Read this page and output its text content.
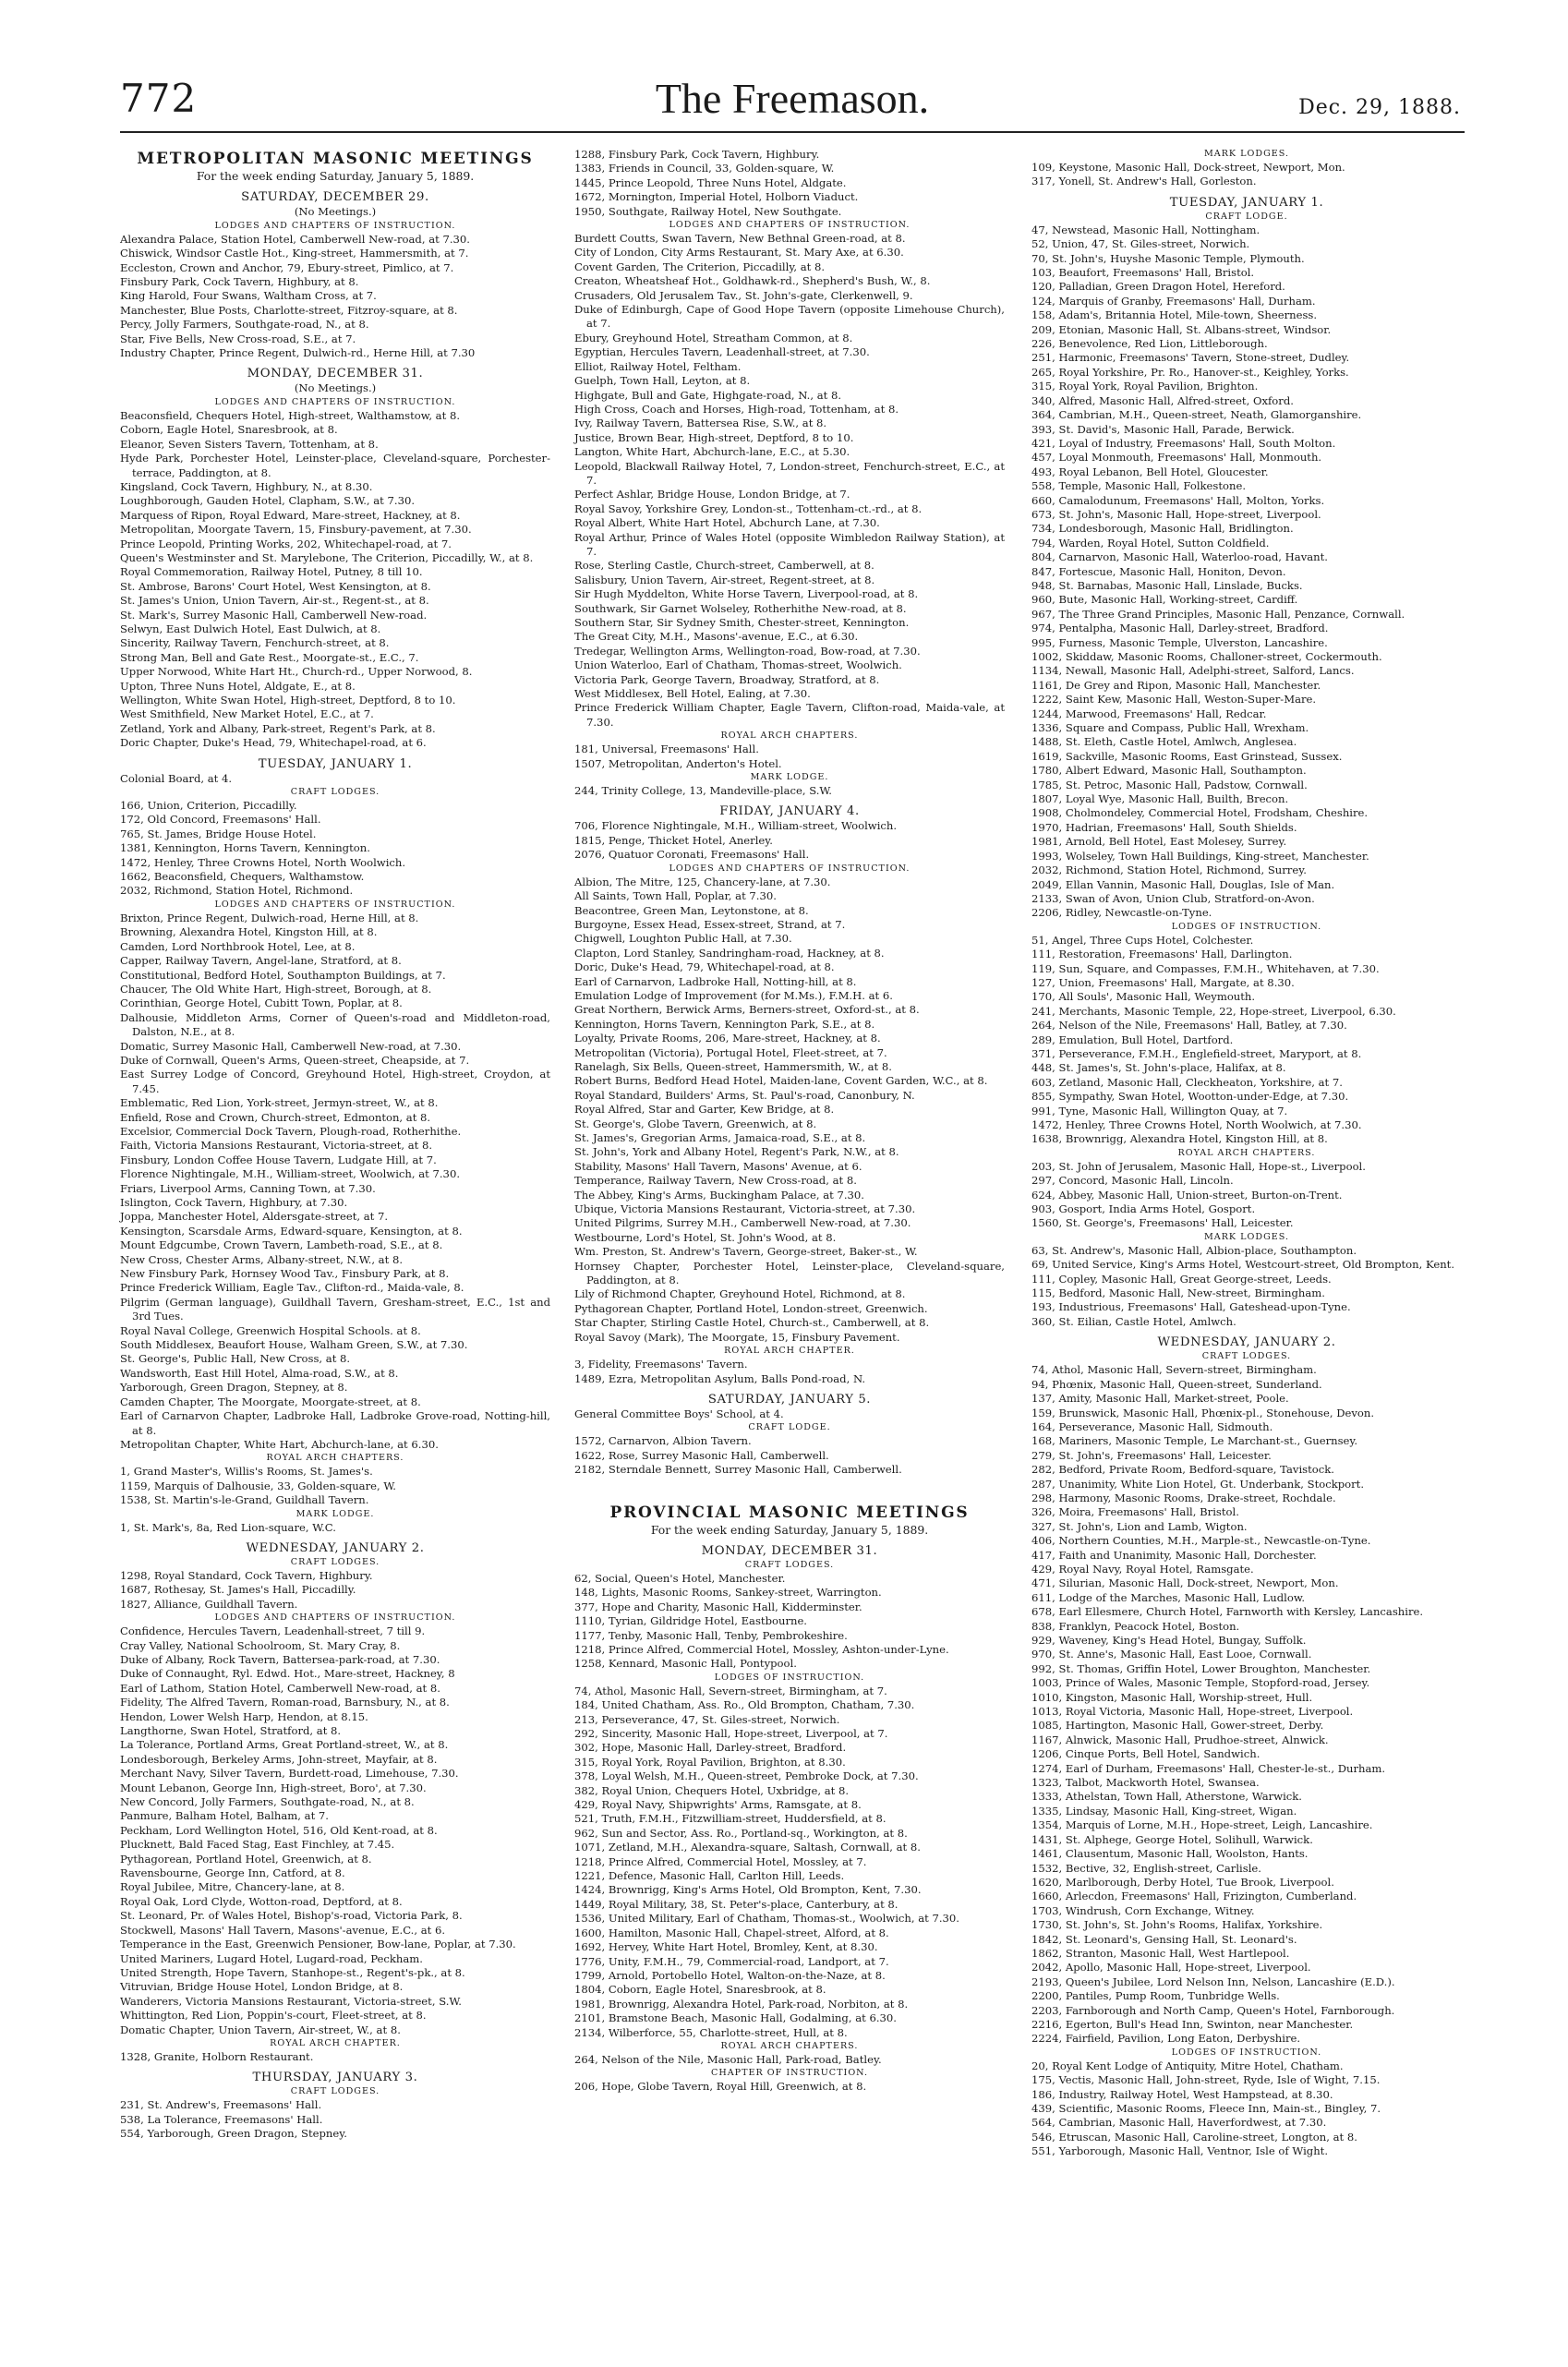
772	The Freemason.	Dec. 29, 1888.
METROPOLITAN MASONIC MEETINGS
For the week ending Saturday, January 5, 1889.
SATURDAY, DECEMBER 29.
(No Meetings.)
LODGES AND CHAPTERS OF INSTRUCTION.
Alexandra Palace, Station Hotel, Camberwell New-road, at 7.30.
Chiswick, Windsor Castle Hot., King-street, Hammersmith, at 7.
Eccleston, Crown and Anchor, 79, Ebury-street, Pimlico, at 7.
Finsbury Park, Cock Tavern, Highbury, at 8.
King Harold, Four Swans, Waltham Cross, at 7.
Manchester, Blue Posts, Charlotte-street, Fitzroy-square, at 8.
Percy, Jolly Farmers, Southgate-road, N., at 8.
Star, Five Bells, New Cross-road, S.E., at 7.
Industry Chapter, Prince Regent, Dulwich-rd., Herne Hill, at 7.30
MONDAY, DECEMBER 31.
(No Meetings.)
LODGES AND CHAPTERS OF INSTRUCTION.
Beaconsfield, Chequers Hotel, High-street, Walthamstow, at 8.
Coborn, Eagle Hotel, Snaresbrook, at 8.
Eleanor, Seven Sisters Tavern, Tottenham, at 8.
Hyde Park, Porchester Hotel, Leinster-place, Cleveland-square, Porchester-terrace, Paddington, at 8.
Kingsland, Cock Tavern, Highbury, N., at 8.30.
Loughborough, Gauden Hotel, Clapham, S.W., at 7.30.
Marquess of Ripon, Royal Edward, Mare-street, Hackney, at 8.
Metropolitan, Moorgate Tavern, 15, Finsbury-pavement, at 7.30.
Prince Leopold, Printing Works, 202, Whitechapel-road, at 7.
Queen's Westminster and St. Marylebone, The Criterion, Piccadilly, W., at 8.
Royal Commemoration, Railway Hotel, Putney, 8 till 10.
St. Ambrose, Barons' Court Hotel, West Kensington, at 8.
St. James's Union, Union Tavern, Air-st., Regent-st., at 8.
St. Mark's, Surrey Masonic Hall, Camberwell New-road.
Selwyn, East Dulwich Hotel, East Dulwich, at 8.
Sincerity, Railway Tavern, Fenchurch-street, at 8.
Strong Man, Bell and Gate Rest., Moorgate-st., E.C., 7.
Upper Norwood, White Hart Ht., Church-rd., Upper Norwood, 8.
Upton, Three Nuns Hotel, Aldgate, E., at 8.
Wellington, White Swan Hotel, High-street, Deptford, 8 to 10.
West Smithfield, New Market Hotel, E.C., at 7.
Zetland, York and Albany, Park-street, Regent's Park, at 8.
Doric Chapter, Duke's Head, 79, Whitechapel-road, at 6.
TUESDAY, JANUARY 1.
Colonial Board, at 4.
CRAFT LODGES.
166, Union, Criterion, Piccadilly.
172, Old Concord, Freemasons' Hall.
765, St. James, Bridge House Hotel.
1381, Kennington, Horns Tavern, Kennington.
1472, Henley, Three Crowns Hotel, North Woolwich.
1662, Beaconsfield, Chequers, Walthamstow.
2032, Richmond, Station Hotel, Richmond.
LODGES AND CHAPTERS OF INSTRUCTION.
Brixton, Prince Regent, Dulwich-road, Herne Hill, at 8.
Browning, Alexandra Hotel, Kingston Hill, at 8.
Camden, Lord Northbrook Hotel, Lee, at 8.
Capper, Railway Tavern, Angel-lane, Stratford, at 8.
Constitutional, Bedford Hotel, Southampton Buildings, at 7.
Chaucer, The Old White Hart, High-street, Borough, at 8.
Corinthian, George Hotel, Cubitt Town, Poplar, at 8.
Dalhousie, Middleton Arms, Corner of Queen's-road and Middleton-road, Dalston, N.E., at 8.
Domatic, Surrey Masonic Hall, Camberwell New-road, at 7.30.
Duke of Cornwall, Queen's Arms, Queen-street, Cheapside, at 7.
East Surrey Lodge of Concord, Greyhound Hotel, High-street, Croydon, at 7.45.
Emblematic, Red Lion, York-street, Jermyn-street, W., at 8.
Enfield, Rose and Crown, Church-street, Edmonton, at 8.
Excelsior, Commercial Dock Tavern, Plough-road, Rotherhithe.
Faith, Victoria Mansions Restaurant, Victoria-street, at 8.
Finsbury, London Coffee House Tavern, Ludgate Hill, at 7.
Florence Nightingale, M.H., William-street, Woolwich, at 7.30.
Friars, Liverpool Arms, Canning Town, at 7.30.
Islington, Cock Tavern, Highbury, at 7.30.
Joppa, Manchester Hotel, Aldersgate-street, at 7.
Kensington, Scarsdale Arms, Edward-square, Kensington, at 8.
Mount Edgcumbe, Crown Tavern, Lambeth-road, S.E., at 8.
New Cross, Chester Arms, Albany-street, N.W., at 8.
New Finsbury Park, Hornsey Wood Tav., Finsbury Park, at 8.
Prince Frederick William, Eagle Tav., Clifton-rd., Maida-vale, 8.
Pilgrim (German language), Guildhall Tavern, Gresham-street, E.C., 1st and 3rd Tues.
Royal Naval College, Greenwich Hospital Schools. at 8.
South Middlesex, Beaufort House, Walham Green, S.W., at 7.30.
St. George's, Public Hall, New Cross, at 8.
Wandsworth, East Hill Hotel, Alma-road, S.W., at 8.
Yarborough, Green Dragon, Stepney, at 8.
Camden Chapter, The Moorgate, Moorgate-street, at 8.
Earl of Carnarvon Chapter, Ladbroke Hall, Ladbroke Grove-road, Notting-hill, at 8.
Metropolitan Chapter, White Hart, Abchurch-lane, at 6.30.
ROYAL ARCH CHAPTERS.
1, Grand Master's, Willis's Rooms, St. James's.
1159, Marquis of Dalhousie, 33, Golden-square, W.
1538, St. Martin's-le-Grand, Guildhall Tavern.
MARK LODGE.
1, St. Mark's, 8a, Red Lion-square, W.C.
WEDNESDAY, JANUARY 2.
CRAFT LODGES.
1298, Royal Standard, Cock Tavern, Highbury.
1687, Rothesay, St. James's Hall, Piccadilly.
1827, Alliance, Guildhall Tavern.
LODGES AND CHAPTERS OF INSTRUCTION.
Confidence, Hercules Tavern, Leadenhall-street, 7 till 9.
Cray Valley, National Schoolroom, St. Mary Cray, 8.
Duke of Albany, Rock Tavern, Battersea-park-road, at 7.30.
Duke of Connaught, Ryl. Edwd. Hot., Mare-street, Hackney, 8
Earl of Lathom, Station Hotel, Camberwell New-road, at 8.
Fidelity, The Alfred Tavern, Roman-road, Barnsbury, N., at 8.
Hendon, Lower Welsh Harp, Hendon, at 8.15.
Langthorne, Swan Hotel, Stratford, at 8.
La Tolerance, Portland Arms, Great Portland-street, W., at 8.
Londesborough, Berkeley Arms, John-street, Mayfair, at 8.
Merchant Navy, Silver Tavern, Burdett-road, Limehouse, 7.30.
Mount Lebanon, George Inn, High-street, Boro', at 7.30.
New Concord, Jolly Farmers, Southgate-road, N., at 8.
Panmure, Balham Hotel, Balham, at 7.
Peckham, Lord Wellington Hotel, 516, Old Kent-road, at 8.
Plucknett, Bald Faced Stag, East Finchley, at 7.45.
Pythagorean, Portland Hotel, Greenwich, at 8.
Ravensbourne, George Inn, Catford, at 8.
Royal Jubilee, Mitre, Chancery-lane, at 8.
Royal Oak, Lord Clyde, Wotton-road, Deptford, at 8.
St. Leonard, Pr. of Wales Hotel, Bishop's-road, Victoria Park, 8.
Stockwell, Masons' Hall Tavern, Masons'-avenue, E.C., at 6.
Temperance in the East, Greenwich Pensioner, Bow-lane, Poplar, at 7.30.
United Mariners, Lugard Hotel, Lugard-road, Peckham.
United Strength, Hope Tavern, Stanhope-st., Regent's-pk., at 8.
Vitruvian, Bridge House Hotel, London Bridge, at 8.
Wanderers, Victoria Mansions Restaurant, Victoria-street, S.W.
Whittington, Red Lion, Poppin's-court, Fleet-street, at 8.
Domatic Chapter, Union Tavern, Air-street, W., at 8.
ROYAL ARCH CHAPTER.
1328, Granite, Holborn Restaurant.
THURSDAY, JANUARY 3.
CRAFT LODGES.
231, St. Andrew's, Freemasons' Hall.
538, La Tolerance, Freemasons' Hall.
554, Yarborough, Green Dragon, Stepney.
1288, Finsbury Park, Cock Tavern, Highbury.
1383, Friends in Council, 33, Golden-square, W.
1445, Prince Leopold, Three Nuns Hotel, Aldgate.
1672, Mornington, Imperial Hotel, Holborn Viaduct.
1950, Southgate, Railway Hotel, New Southgate.
LODGES AND CHAPTERS OF INSTRUCTION.
Burdett Coutts, Swan Tavern, New Bethnal Green-road, at 8.
City of London, City Arms Restaurant, St. Mary Axe, at 6.30.
Covent Garden, The Criterion, Piccadilly, at 8.
Creaton, Wheatsheaf Hot., Goldhawk-rd., Shepherd's Bush, W., 8.
Crusaders, Old Jerusalem Tav., St. John's-gate, Clerkenwell, 9.
Duke of Edinburgh, Cape of Good Hope Tavern (opposite Limehouse Church), at 7.
Ebury, Greyhound Hotel, Streatham Common, at 8.
Egyptian, Hercules Tavern, Leadenhall-street, at 7.30.
Elliot, Railway Hotel, Feltham.
Guelph, Town Hall, Leyton, at 8.
Highgate, Bull and Gate, Highgate-road, N., at 8.
High Cross, Coach and Horses, High-road, Tottenham, at 8.
Ivy, Railway Tavern, Battersea Rise, S.W., at 8.
Justice, Brown Bear, High-street, Deptford, 8 to 10.
Langton, White Hart, Abchurch-lane, E.C., at 5.30.
Leopold, Blackwall Railway Hotel, 7, London-street, Fenchurch-street, E.C., at 7.
Perfect Ashlar, Bridge House, London Bridge, at 7.
Royal Savoy, Yorkshire Grey, London-st., Tottenham-ct.-rd., at 8.
Royal Albert, White Hart Hotel, Abchurch Lane, at 7.30.
Royal Arthur, Prince of Wales Hotel (opposite Wimbledon Railway Station), at 7.
Rose, Sterling Castle, Church-street, Camberwell, at 8.
Salisbury, Union Tavern, Air-street, Regent-street, at 8.
Sir Hugh Myddelton, White Horse Tavern, Liverpool-road, at 8.
Southwark, Sir Garnet Wolseley, Rotherhithe New-road, at 8.
Southern Star, Sir Sydney Smith, Chester-street, Kennington.
The Great City, M.H., Masons'-avenue, E.C., at 6.30.
Tredegar, Wellington Arms, Wellington-road, Bow-road, at 7.30.
Union Waterloo, Earl of Chatham, Thomas-street, Woolwich.
Victoria Park, George Tavern, Broadway, Stratford, at 8.
West Middlesex, Bell Hotel, Ealing, at 7.30.
Prince Frederick William Chapter, Eagle Tavern, Clifton-road, Maida-vale, at 7.30.
ROYAL ARCH CHAPTERS.
181, Universal, Freemasons' Hall.
1507, Metropolitan, Anderton's Hotel.
MARK LODGE.
244, Trinity College, 13, Mandeville-place, S.W.
FRIDAY, JANUARY 4.
706, Florence Nightingale, M.H., William-street, Woolwich.
1815, Penge, Thicket Hotel, Anerley.
2076, Quatuor Coronati, Freemasons' Hall.
LODGES AND CHAPTERS OF INSTRUCTION.
Albion, The Mitre, 125, Chancery-lane, at 7.30.
All Saints, Town Hall, Poplar, at 7.30.
Beacontree, Green Man, Leytonstone, at 8.
Burgoyne, Essex Head, Essex-street, Strand, at 7.
Chigwell, Loughton Public Hall, at 7.30.
Clapton, Lord Stanley, Sandringham-road, Hackney, at 8.
Doric, Duke's Head, 79, Whitechapel-road, at 8.
Earl of Carnarvon, Ladbroke Hall, Notting-hill, at 8.
Emulation Lodge of Improvement (for M.Ms.), F.M.H. at 6.
Great Northern, Berwick Arms, Berners-street, Oxford-st., at 8.
Kennington, Horns Tavern, Kennington Park, S.E., at 8.
Loyalty, Private Rooms, 206, Mare-street, Hackney, at 8.
Metropolitan (Victoria), Portugal Hotel, Fleet-street, at 7.
Ranelagh, Six Bells, Queen-street, Hammersmith, W., at 8.
Robert Burns, Bedford Head Hotel, Maiden-lane, Covent Garden, W.C., at 8.
Royal Standard, Builders' Arms, St. Paul's-road, Canonbury, N.
Royal Alfred, Star and Garter, Kew Bridge, at 8.
St. George's, Globe Tavern, Greenwich, at 8.
St. James's, Gregorian Arms, Jamaica-road, S.E., at 8.
St. John's, York and Albany Hotel, Regent's Park, N.W., at 8.
Stability, Masons' Hall Tavern, Masons' Avenue, at 6.
Temperance, Railway Tavern, New Cross-road, at 8.
The Abbey, King's Arms, Buckingham Palace, at 7.30.
Ubique, Victoria Mansions Restaurant, Victoria-street, at 7.30.
United Pilgrims, Surrey M.H., Camberwell New-road, at 7.30.
Westbourne, Lord's Hotel, St. John's Wood, at 8.
Wm. Preston, St. Andrew's Tavern, George-street, Baker-st., W.
Hornsey Chapter, Porchester Hotel, Leinster-place, Cleveland-square, Paddington, at 8.
Lily of Richmond Chapter, Greyhound Hotel, Richmond, at 8.
Pythagorean Chapter, Portland Hotel, London-street, Greenwich.
Star Chapter, Stirling Castle Hotel, Church-st., Camberwell, at 8.
Royal Savoy (Mark), The Moorgate, 15, Finsbury Pavement.
ROYAL ARCH CHAPTER.
3, Fidelity, Freemasons' Tavern.
1489, Ezra, Metropolitan Asylum, Balls Pond-road, N.
SATURDAY, JANUARY 5.
General Committee Boys' School, at 4.
CRAFT LODGE.
1572, Carnarvon, Albion Tavern.
1622, Rose, Surrey Masonic Hall, Camberwell.
2182, Sterndale Bennett, Surrey Masonic Hall, Camberwell.
PROVINCIAL MASONIC MEETINGS
For the week ending Saturday, January 5, 1889.
MONDAY, DECEMBER 31.
CRAFT LODGES.
62, Social, Queen's Hotel, Manchester.
148, Lights, Masonic Rooms, Sankey-street, Warrington.
377, Hope and Charity, Masonic Hall, Kidderminster.
1110, Tyrian, Gildridge Hotel, Eastbourne.
1177, Tenby, Masonic Hall, Tenby, Pembrokeshire.
1218, Prince Alfred, Commercial Hotel, Mossley, Ashton-under-Lyne.
1258, Kennard, Masonic Hall, Pontypool.
LODGES OF INSTRUCTION.
74, Athol, Masonic Hall, Severn-street, Birmingham, at 7.
184, United Chatham, Ass. Ro., Old Brompton, Chatham, 7.30.
213, Perseverance, 47, St. Giles-street, Norwich.
292, Sincerity, Masonic Hall, Hope-street, Liverpool, at 7.
302, Hope, Masonic Hall, Darley-street, Bradford.
315, Royal York, Royal Pavilion, Brighton, at 8.30.
378, Loyal Welsh, M.H., Queen-street, Pembroke Dock, at 7.30.
382, Royal Union, Chequers Hotel, Uxbridge, at 8.
429, Royal Navy, Shipwrights' Arms, Ramsgate, at 8.
521, Truth, F.M.H., Fitzwilliam-street, Huddersfield, at 8.
962, Sun and Sector, Ass. Ro., Portland-sq., Workington, at 8.
1071, Zetland, M.H., Alexandra-square, Saltash, Cornwall, at 8.
1218, Prince Alfred, Commercial Hotel, Mossley, at 7.
1221, Defence, Masonic Hall, Carlton Hill, Leeds.
1424, Brownrigg, King's Arms Hotel, Old Brompton, Kent, 7.30.
1449, Royal Military, 38, St. Peter's-place, Canterbury, at 8.
1536, United Military, Earl of Chatham, Thomas-st., Woolwich, at 7.30.
1600, Hamilton, Masonic Hall, Chapel-street, Alford, at 8.
1692, Hervey, White Hart Hotel, Bromley, Kent, at 8.30.
1776, Unity, F.M.H., 79, Commercial-road, Landport, at 7.
1799, Arnold, Portobello Hotel, Walton-on-the-Naze, at 8.
1804, Coborn, Eagle Hotel, Snaresbrook, at 8.
1981, Brownrigg, Alexandra Hotel, Park-road, Norbiton, at 8.
2101, Bramstone Beach, Masonic Hall, Godalming, at 6.30.
2134, Wilberforce, 55, Charlotte-street, Hull, at 8.
ROYAL ARCH CHAPTERS.
264, Nelson of the Nile, Masonic Hall, Park-road, Batley.
CHAPTER OF INSTRUCTION.
206, Hope, Globe Tavern, Royal Hill, Greenwich, at 8.
MARK LODGES.
109, Keystone, Masonic Hall, Dock-street, Newport, Mon.
317, Yonell, St. Andrew's Hall, Gorleston.
TUESDAY, JANUARY 1.
CRAFT LODGE.
47, Newstead, Masonic Hall, Nottingham.
52, Union, 47, St. Giles-street, Norwich.
70, St. John's, Huyshe Masonic Temple, Plymouth.
103, Beaufort, Freemasons' Hall, Bristol.
120, Palladian, Green Dragon Hotel, Hereford.
124, Marquis of Granby, Freemasons' Hall, Durham.
158, Adam's, Britannia Hotel, Mile-town, Sheerness.
209, Etonian, Masonic Hall, St. Albans-street, Windsor.
226, Benevolence, Red Lion, Littleborough.
251, Harmonic, Freemasons' Tavern, Stone-street, Dudley.
265, Royal Yorkshire, Pr. Ro., Hanover-st., Keighley, Yorks.
315, Royal York, Royal Pavilion, Brighton.
340, Alfred, Masonic Hall, Alfred-street, Oxford.
364, Cambrian, M.H., Queen-street, Neath, Glamorganshire.
393, St. David's, Masonic Hall, Parade, Berwick.
421, Loyal of Industry, Freemasons' Hall, South Molton.
457, Loyal Monmouth, Freemasons' Hall, Monmouth.
493, Royal Lebanon, Bell Hotel, Gloucester.
558, Temple, Masonic Hall, Folkestone.
660, Camalodunum, Freemasons' Hall, Molton, Yorks.
673, St. John's, Masonic Hall, Hope-street, Liverpool.
734, Londesborough, Masonic Hall, Bridlington.
794, Warden, Royal Hotel, Sutton Coldfield.
804, Carnarvon, Masonic Hall, Waterloo-road, Havant.
847, Fortescue, Masonic Hall, Honiton, Devon.
948, St. Barnabas, Masonic Hall, Linslade, Bucks.
960, Bute, Masonic Hall, Working-street, Cardiff.
967, The Three Grand Principles, Masonic Hall, Penzance, Cornwall.
974, Pentalpha, Masonic Hall, Darley-street, Bradford.
995, Furness, Masonic Temple, Ulverston, Lancashire.
1002, Skiddaw, Masonic Rooms, Challoner-street, Cockermouth.
1134, Newall, Masonic Hall, Adelphi-street, Salford, Lancs.
1161, De Grey and Ripon, Masonic Hall, Manchester.
1222, Saint Kew, Masonic Hall, Weston-Super-Mare.
1244, Marwood, Freemasons' Hall, Redcar.
1336, Square and Compass, Public Hall, Wrexham.
1488, St. Eleth, Castle Hotel, Amlwch, Anglesea.
1619, Sackville, Masonic Rooms, East Grinstead, Sussex.
1780, Albert Edward, Masonic Hall, Southampton.
1785, St. Petroc, Masonic Hall, Padstow, Cornwall.
1807, Loyal Wye, Masonic Hall, Builth, Brecon.
1908, Cholmondeley, Commercial Hotel, Frodsham, Cheshire.
1970, Hadrian, Freemasons' Hall, South Shields.
1981, Arnold, Bell Hotel, East Molesey, Surrey.
1993, Wolseley, Town Hall Buildings, King-street, Manchester.
2032, Richmond, Station Hotel, Richmond, Surrey.
2049, Ellan Vannin, Masonic Hall, Douglas, Isle of Man.
2133, Swan of Avon, Union Club, Stratford-on-Avon.
2206, Ridley, Newcastle-on-Tyne.
LODGES OF INSTRUCTION.
51, Angel, Three Cups Hotel, Colchester.
111, Restoration, Freemasons' Hall, Darlington.
119, Sun, Square, and Compasses, F.M.H., Whitehaven, at 7.30.
127, Union, Freemasons' Hall, Margate, at 8.30.
170, All Souls', Masonic Hall, Weymouth.
241, Merchants, Masonic Temple, 22, Hope-street, Liverpool, 6.30.
264, Nelson of the Nile, Freemasons' Hall, Batley, at 7.30.
289, Emulation, Bull Hotel, Dartford.
371, Perseverance, F.M.H., Englefield-street, Maryport, at 8.
448, St. James's, St. John's-place, Halifax, at 8.
603, Zetland, Masonic Hall, Cleckheaton, Yorkshire, at 7.
855, Sympathy, Swan Hotel, Wootton-under-Edge, at 7.30.
991, Tyne, Masonic Hall, Willington Quay, at 7.
1472, Henley, Three Crowns Hotel, North Woolwich, at 7.30.
1638, Brownrigg, Alexandra Hotel, Kingston Hill, at 8.
ROYAL ARCH CHAPTERS.
203, St. John of Jerusalem, Masonic Hall, Hope-st., Liverpool.
297, Concord, Masonic Hall, Lincoln.
624, Abbey, Masonic Hall, Union-street, Burton-on-Trent.
903, Gosport, India Arms Hotel, Gosport.
1560, St. George's, Freemasons' Hall, Leicester.
MARK LODGES.
63, St. Andrew's, Masonic Hall, Albion-place, Southampton.
69, United Service, King's Arms Hotel, Westcourt-street, Old Brompton, Kent.
111, Copley, Masonic Hall, Great George-street, Leeds.
115, Bedford, Masonic Hall, New-street, Birmingham.
193, Industrious, Freemasons' Hall, Gateshead-upon-Tyne.
360, St. Eilian, Castle Hotel, Amlwch.
WEDNESDAY, JANUARY 2.
CRAFT LODGES.
74, Athol, Masonic Hall, Severn-street, Birmingham.
94, Phœnix, Masonic Hall, Queen-street, Sunderland.
137, Amity, Masonic Hall, Market-street, Poole.
159, Brunswick, Masonic Hall, Phœnix-pl., Stonehouse, Devon.
164, Perseverance, Masonic Hall, Sidmouth.
168, Mariners, Masonic Temple, Le Marchant-st., Guernsey.
279, St. John's, Freemasons' Hall, Leicester.
282, Bedford, Private Room, Bedford-square, Tavistock.
287, Unanimity, White Lion Hotel, Gt. Underbank, Stockport.
298, Harmony, Masonic Rooms, Drake-street, Rochdale.
326, Moira, Freemasons' Hall, Bristol.
327, St. John's, Lion and Lamb, Wigton.
406, Northern Counties, M.H., Marple-st., Newcastle-on-Tyne.
417, Faith and Unanimity, Masonic Hall, Dorchester.
429, Royal Navy, Royal Hotel, Ramsgate.
471, Silurian, Masonic Hall, Dock-street, Newport, Mon.
611, Lodge of the Marches, Masonic Hall, Ludlow.
678, Earl Ellesmere, Church Hotel, Farnworth with Kersley, Lancashire.
838, Franklyn, Peacock Hotel, Boston.
929, Waveney, King's Head Hotel, Bungay, Suffolk.
970, St. Anne's, Masonic Hall, East Looe, Cornwall.
992, St. Thomas, Griffin Hotel, Lower Broughton, Manchester.
1003, Prince of Wales, Masonic Temple, Stopford-road, Jersey.
1010, Kingston, Masonic Hall, Worship-street, Hull.
1013, Royal Victoria, Masonic Hall, Hope-street, Liverpool.
1085, Hartington, Masonic Hall, Gower-street, Derby.
1167, Alnwick, Masonic Hall, Prudhoe-street, Alnwick.
1206, Cinque Ports, Bell Hotel, Sandwich.
1274, Earl of Durham, Freemasons' Hall, Chester-le-st., Durham.
1323, Talbot, Mackworth Hotel, Swansea.
1333, Athelstan, Town Hall, Atherstone, Warwick.
1335, Lindsay, Masonic Hall, King-street, Wigan.
1354, Marquis of Lorne, M.H., Hope-street, Leigh, Lancashire.
1431, St. Alphege, George Hotel, Solihull, Warwick.
1461, Clausentum, Masonic Hall, Woolston, Hants.
1532, Bective, 32, English-street, Carlisle.
1620, Marlborough, Derby Hotel, Tue Brook, Liverpool.
1660, Arlecdon, Freemasons' Hall, Frizington, Cumberland.
1703, Windrush, Corn Exchange, Witney.
1730, St. John's, St. John's Rooms, Halifax, Yorkshire.
1842, St. Leonard's, Gensing Hall, St. Leonard's.
1862, Stranton, Masonic Hall, West Hartlepool.
2042, Apollo, Masonic Hall, Hope-street, Liverpool.
2193, Queen's Jubilee, Lord Nelson Inn, Nelson, Lancashire (E.D.).
2200, Pantiles, Pump Room, Tunbridge Wells.
2203, Farnborough and North Camp, Queen's Hotel, Farnborough.
2216, Egerton, Bull's Head Inn, Swinton, near Manchester.
2224, Fairfield, Pavilion, Long Eaton, Derbyshire.
LODGES OF INSTRUCTION.
20, Royal Kent Lodge of Antiquity, Mitre Hotel, Chatham.
175, Vectis, Masonic Hall, John-street, Ryde, Isle of Wight, 7.15.
186, Industry, Railway Hotel, West Hampstead, at 8.30.
439, Scientific, Masonic Rooms, Fleece Inn, Main-st., Bingley, 7.
564, Cambrian, Masonic Hall, Haverfordwest, at 7.30.
546, Etruscan, Masonic Hall, Caroline-street, Longton, at 8.
551, Yarborough, Masonic Hall, Ventnor, Isle of Wight.
